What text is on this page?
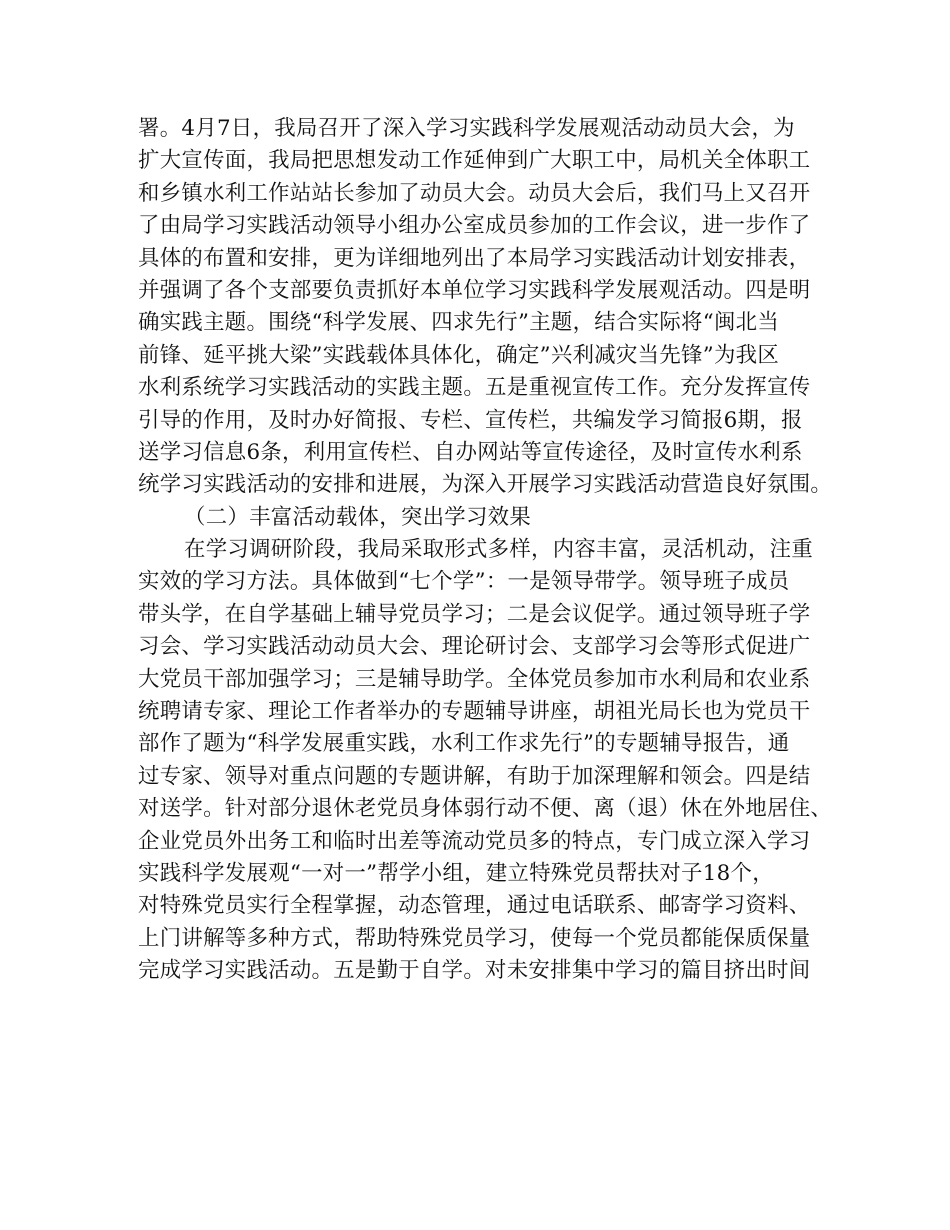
署。4月7日，我局召开了深入学习实践科学发展观活动动员大会，为
扩大宣传面，我局把思想发动工作延伸到广大职工中，局机关全体职工
和乡镇水利工作站站长参加了动员大会。动员大会后，我们马上又召开
了由局学习实践活动领导小组办公室成员参加的工作会议，进一步作了
具体的布置和安排，更为详细地列出了本局学习实践活动计划安排表，
并强调了各个支部要负责抓好本单位学习实践科学发展观活动。四是明
确实践主题。围绕“科学发展、四求先行”主题，结合实际将“闽北当
前锋、延平挑大梁”实践载体具体化，确定”兴利减灾当先锋”为我区
水利系统学习实践活动的实践主题。五是重视宣传工作。充分发挥宣传
引导的作用，及时办好简报、专栏、宣传栏，共编发学习简报6期，报
送学习信息6条，利用宣传栏、自办网站等宣传途径，及时宣传水利系
统学习实践活动的安排和进展，为深入开展学习实践活动营造良好氛围。
（二）丰富活动载体，突出学习效果
在学习调研阶段，我局采取形式多样，内容丰富，灵活机动，注重
实效的学习方法。具体做到“七个学”：一是领导带学。领导班子成员
带头学，在自学基础上辅导党员学习；二是会议促学。通过领导班子学
习会、学习实践活动动员大会、理论研讨会、支部学习会等形式促进广
大党员干部加强学习；三是辅导助学。全体党员参加市水利局和农业系
统聘请专家、理论工作者举办的专题辅导讲座，胡祖光局长也为党员干
部作了题为“科学发展重实践，水利工作求先行”的专题辅导报告，通
过专家、领导对重点问题的专题讲解，有助于加深理解和领会。四是结
对送学。针对部分退休老党员身体弱行动不便、离（退）休在外地居住、
企业党员外出务工和临时出差等流动党员多的特点，专门成立深入学习
实践科学发展观“一对一”帮学小组，建立特殊党员帮扶对子18个，
对特殊党员实行全程掌握，动态管理，通过电话联系、邮寄学习资料、
上门讲解等多种方式，帮助特殊党员学习，使每一个党员都能保质保量
完成学习实践活动。五是勤于自学。对未安排集中学习的篇目挤出时间
